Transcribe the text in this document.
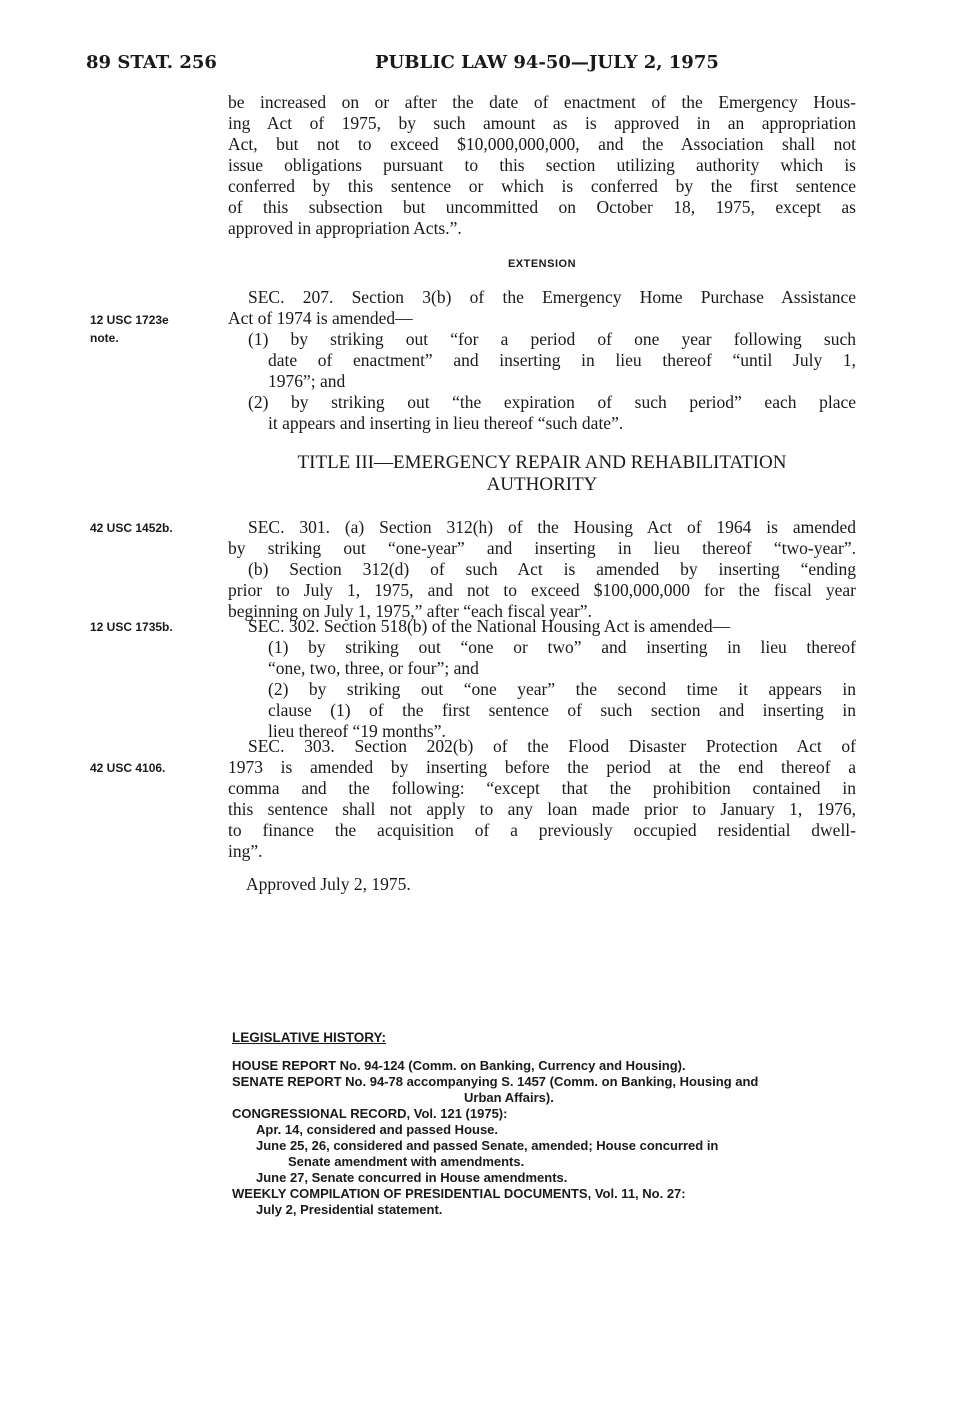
89 STAT. 256	PUBLIC LAW 94-50—JULY 2, 1975
be increased on or after the date of enactment of the Emergency Hous-
ing Act of 1975, by such amount as is approved in an appropriation
Act, but not to exceed $10,000,000,000, and the Association shall not
issue obligations pursuant to this section utilizing authority which is
conferred by this sentence or which is conferred by the first sentence
of this subsection but uncommitted on October 18, 1975, except as
approved in appropriation Acts.”.
EXTENSION
12 USC 1723e
note.
SEC. 207. Section 3(b) of the Emergency Home Purchase Assistance
Act of 1974 is amended—
(1) by striking out “for a period of one year following such
date of enactment” and inserting in lieu thereof “until July 1,
1976”; and
(2) by striking out “the expiration of such period” each place
it appears and inserting in lieu thereof “such date”.
TITLE III—EMERGENCY REPAIR AND REHABILITATION
AUTHORITY
42 USC 1452b.	SEC. 301. (a) Section 312(h) of the Housing Act of 1964 is amended
by striking out “one-year” and inserting in lieu thereof “two-year”.
(b) Section 312(d) of such Act is amended by inserting “ending
prior to July 1, 1975, and not to exceed $100,000,000 for the fiscal year
beginning on July 1, 1975,” after “each fiscal year”.
12 USC 1735b.	SEC. 302. Section 518(b) of the National Housing Act is amended—
(1) by striking out “one or two” and inserting in lieu thereof
“one, two, three, or four”; and
(2) by striking out “one year” the second time it appears in
clause (1) of the first sentence of such section and inserting in
lieu thereof “19 months”.
42 USC 4106.
SEC. 303. Section 202(b) of the Flood Disaster Protection Act of
1973 is amended by inserting before the period at the end thereof a
comma and the following: “except that the prohibition contained in
this sentence shall not apply to any loan made prior to January 1, 1976,
to finance the acquisition of a previously occupied residential dwell-
ing”.
Approved July 2, 1975.
LEGISLATIVE HISTORY:
HOUSE REPORT No. 94-124 (Comm. on Banking, Currency and Housing).
SENATE REPORT No. 94-78 accompanying S. 1457 (Comm. on Banking, Housing and
Urban Affairs).
CONGRESSIONAL RECORD, Vol. 121 (1975):
Apr. 14, considered and passed House.
June 25, 26, considered and passed Senate, amended; House concurred in
Senate amendment with amendments.
June 27, Senate concurred in House amendments.
WEEKLY COMPILATION OF PRESIDENTIAL DOCUMENTS, Vol. 11, No. 27:
July 2, Presidential statement.
